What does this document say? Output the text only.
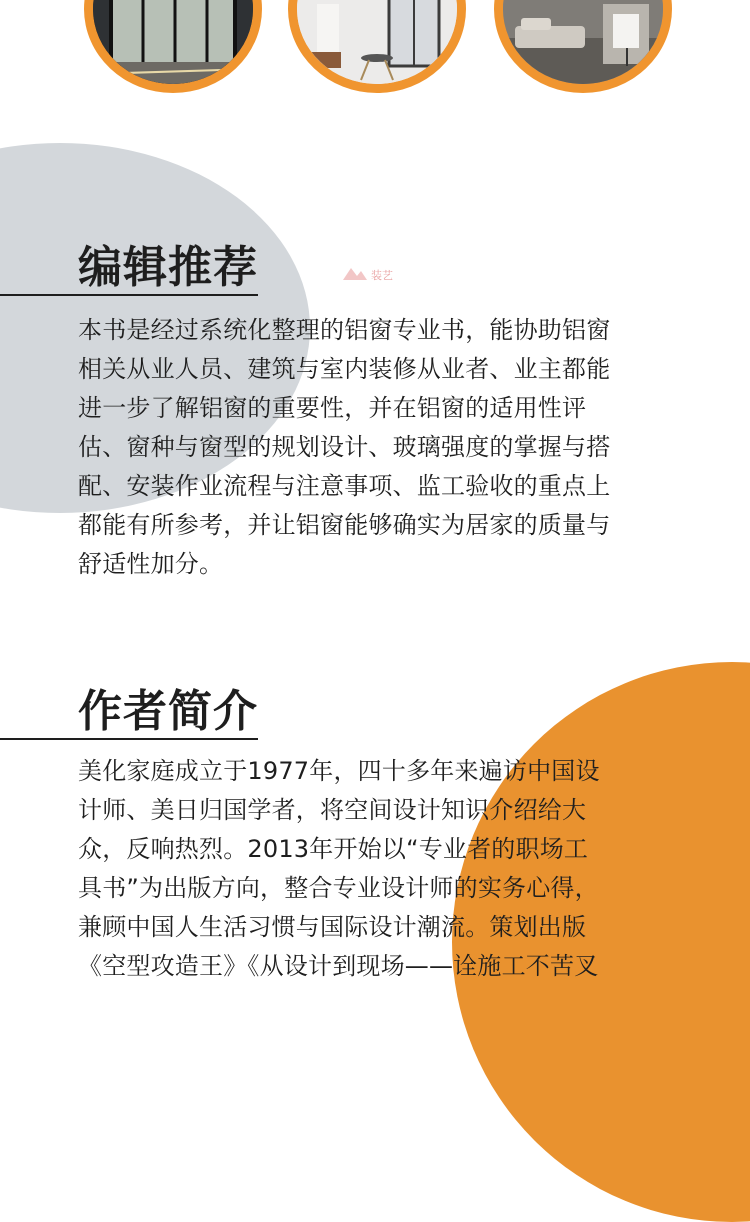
编辑推荐	装艺
本书是经过系统化整理的铝窗专业书，能协助铝窗
相关从业人员、建筑与室内装修从业者、业主都能
进一步了解铝窗的重要性，并在铝窗的适用性评
估、窗种与窗型的规划设计、玻璃强度的掌握与搭
配、安装作业流程与注意事项、监工验收的重点上
都能有所参考，并让铝窗能够确实为居家的质量与
舒适性加分。
作者简介
美化家庭成立于1977年，四十多年来遍访中国设
计师、美日归国学者，将空间设计知识介绍给大
众，反响热烈。2013年开始以“专业者的职场工
具书”为出版方向，整合专业设计师的实务心得，
兼顾中国人生活习惯与国际设计潮流。策划出版
《空型攻造王》《从设计到现场——诠施工不苦叉
